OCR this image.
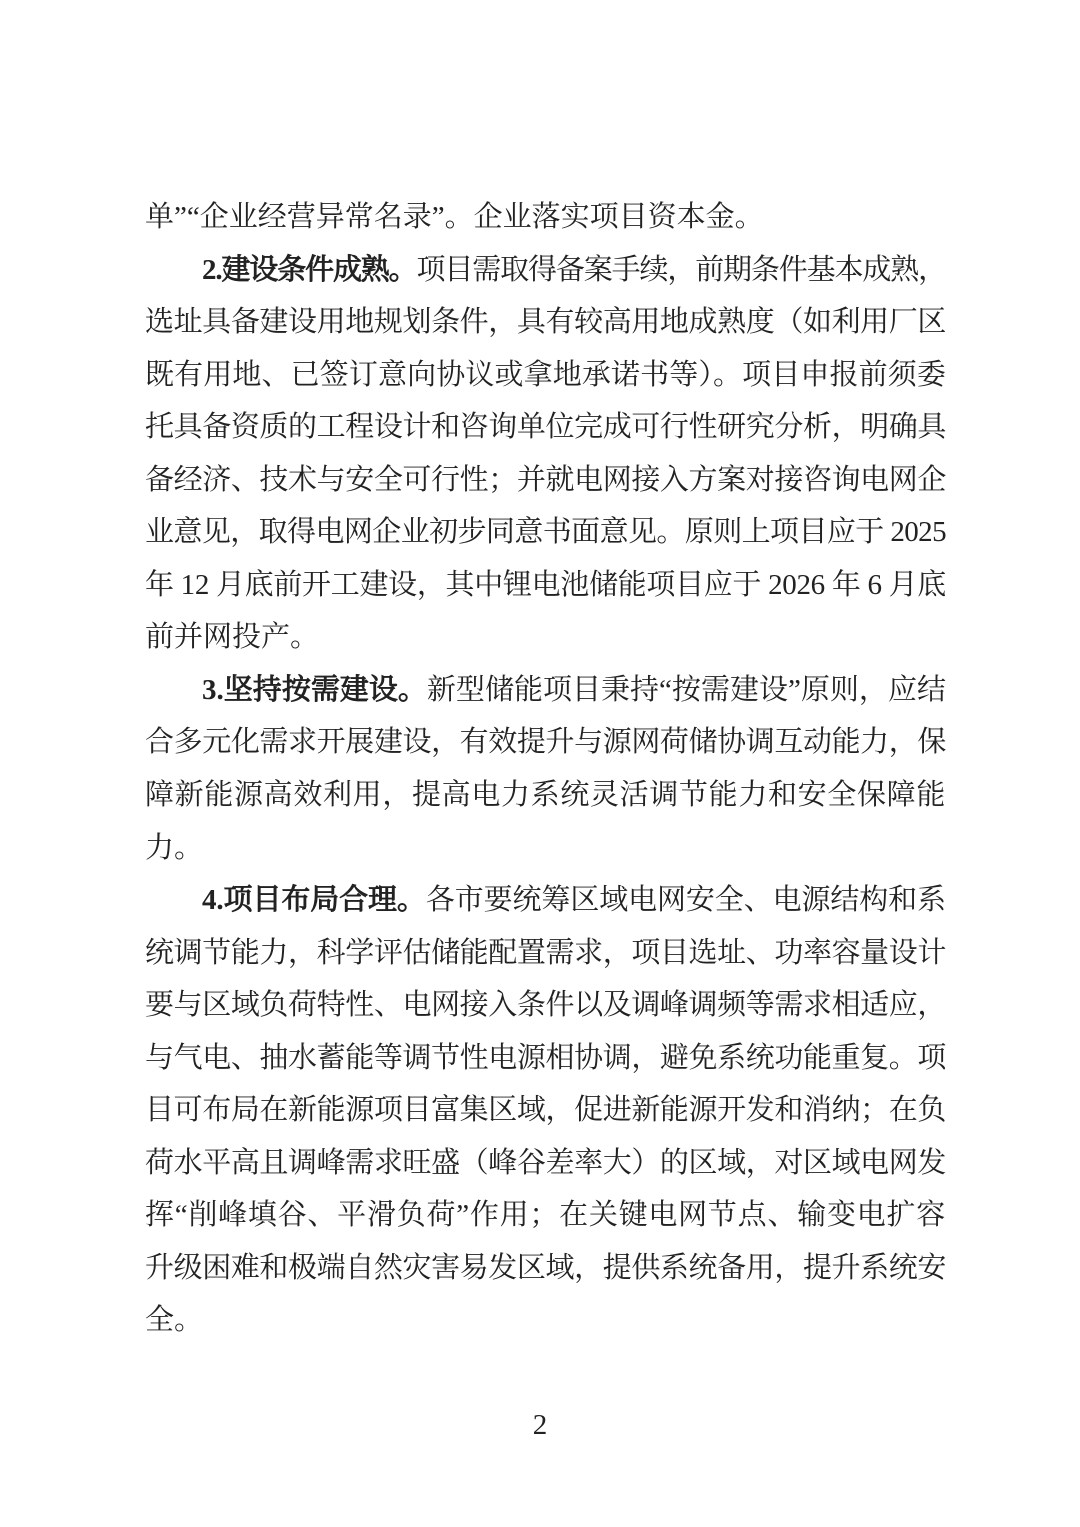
单”“企业经营异常名录”。企业落实项目资本金。
2.建设条件成熟。项目需取得备案手续，前期条件基本成熟，
选址具备建设用地规划条件，具有较高用地成熟度（如利用厂区
既有用地、已签订意向协议或拿地承诺书等）。项目申报前须委
托具备资质的工程设计和咨询单位完成可行性研究分析，明确具
备经济、技术与安全可行性；并就电网接入方案对接咨询电网企
业意见，取得电网企业初步同意书面意见。原则上项目应于 2025
年 12 月底前开工建设，其中锂电池储能项目应于 2026 年 6 月底
前并网投产。
3.坚持按需建设。新型储能项目秉持“按需建设”原则，应结
合多元化需求开展建设，有效提升与源网荷储协调互动能力，保
障新能源高效利用，提高电力系统灵活调节能力和安全保障能
力。
4.项目布局合理。各市要统筹区域电网安全、电源结构和系
统调节能力，科学评估储能配置需求，项目选址、功率容量设计
要与区域负荷特性、电网接入条件以及调峰调频等需求相适应，
与气电、抽水蓄能等调节性电源相协调，避免系统功能重复。项
目可布局在新能源项目富集区域，促进新能源开发和消纳；在负
荷水平高且调峰需求旺盛（峰谷差率大）的区域，对区域电网发
挥“削峰填谷、平滑负荷”作用；在关键电网节点、输变电扩容
升级困难和极端自然灾害易发区域，提供系统备用，提升系统安
全。
2
